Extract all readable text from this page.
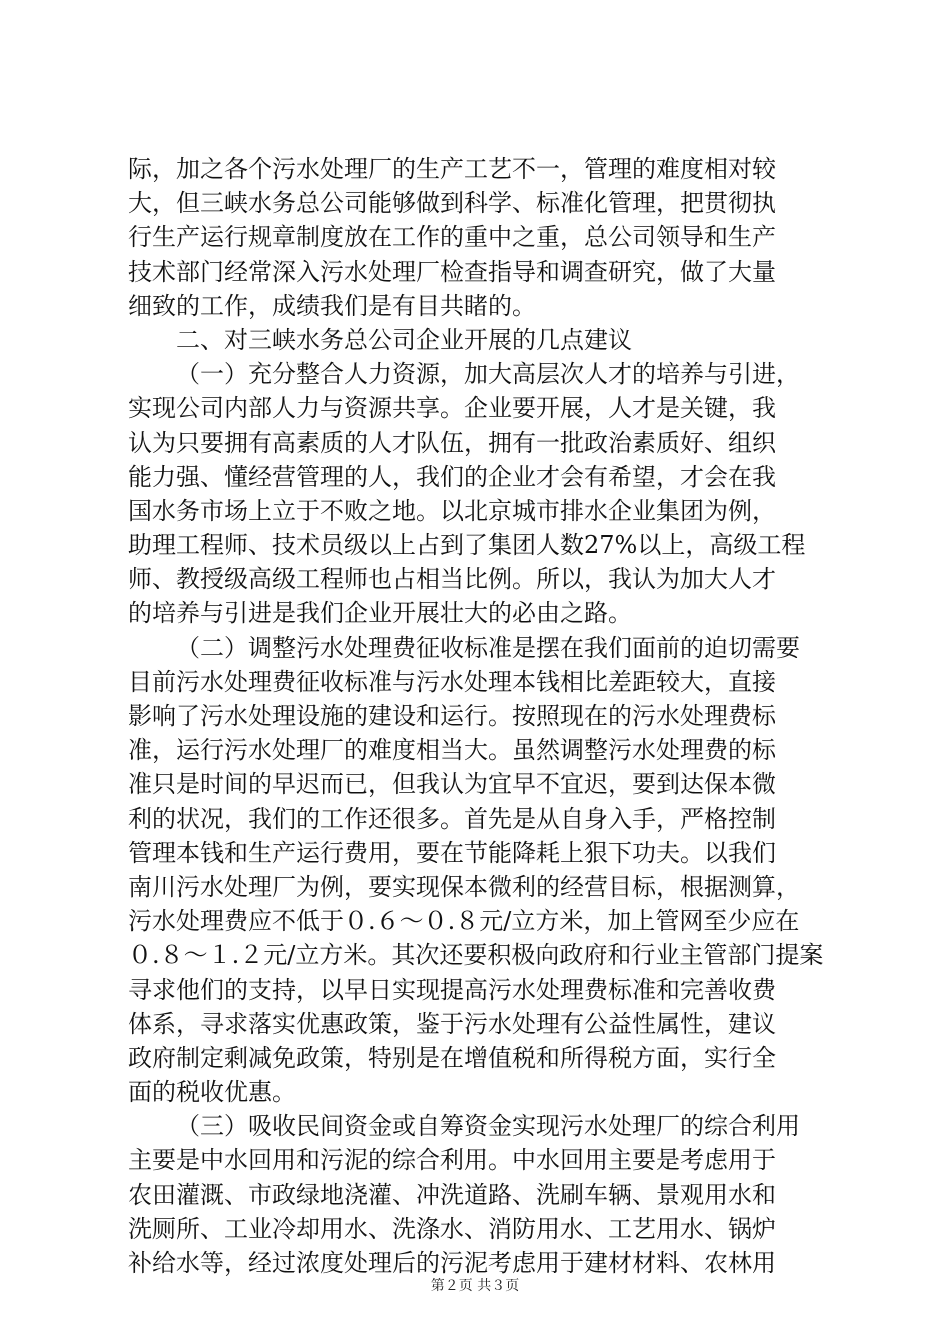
际，加之各个污水处理厂的生产工艺不一，管理的难度相对较
大，但三峡水务总公司能够做到科学、标准化管理，把贯彻执
行生产运行规章制度放在工作的重中之重，总公司领导和生产
技术部门经常深入污水处理厂检查指导和调查研究，做了大量
细致的工作，成绩我们是有目共睹的。
二、对三峡水务总公司企业开展的几点建议
（一）充分整合人力资源，加大高层次人才的培养与引进，
实现公司内部人力与资源共享。企业要开展，人才是关键，我
认为只要拥有高素质的人才队伍，拥有一批政治素质好、组织
能力强、懂经营管理的人，我们的企业才会有希望，才会在我
国水务市场上立于不败之地。以北京城市排水企业集团为例，
助理工程师、技术员级以上占到了集团人数27%以上，高级工程
师、教授级高级工程师也占相当比例。所以，我认为加大人才
的培养与引进是我们企业开展壮大的必由之路。
（二）调整污水处理费征收标准是摆在我们面前的迫切需要
目前污水处理费征收标准与污水处理本钱相比差距较大，直接
影响了污水处理设施的建设和运行。按照现在的污水处理费标
准，运行污水处理厂的难度相当大。虽然调整污水处理费的标
准只是时间的早迟而已，但我认为宜早不宜迟，要到达保本微
利的状况，我们的工作还很多。首先是从自身入手，严格控制
管理本钱和生产运行费用，要在节能降耗上狠下功夫。以我们
南川污水处理厂为例，要实现保本微利的经营目标，根据测算，
污水处理费应不低于０.６～０.８元/立方米，加上管网至少应在
０.８～１.２元/立方米。其次还要积极向政府和行业主管部门提案
寻求他们的支持，以早日实现提高污水处理费标准和完善收费
体系，寻求落实优惠政策，鉴于污水处理有公益性属性，建议
政府制定剩减免政策，特别是在增值税和所得税方面，实行全
面的税收优惠。
（三）吸收民间资金或自筹资金实现污水处理厂的综合利用
主要是中水回用和污泥的综合利用。中水回用主要是考虑用于
农田灌溉、市政绿地浇灌、冲洗道路、洗刷车辆、景观用水和
洗厕所、工业冷却用水、洗涤水、消防用水、工艺用水、锅炉
补给水等，经过浓度处理后的污泥考虑用于建材材料、农林用
第２页 共３页
